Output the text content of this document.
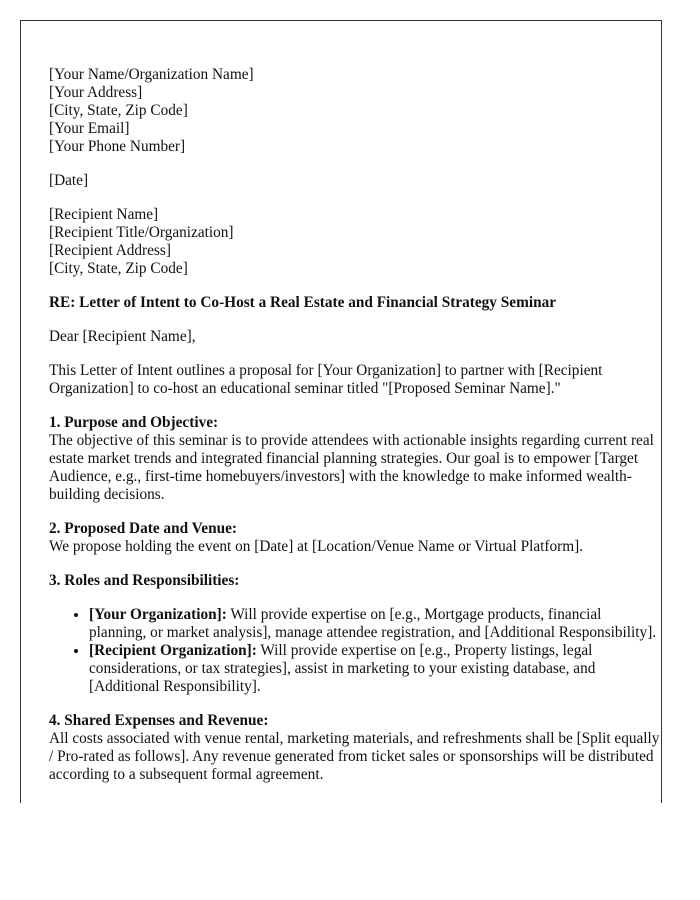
[Your Name/Organization Name]
[Your Address]
[City, State, Zip Code]
[Your Email]
[Your Phone Number]

[Date]

[Recipient Name]
[Recipient Title/Organization]
[Recipient Address]
[City, State, Zip Code]

RE: Letter of Intent to Co-Host a Real Estate and Financial Strategy Seminar

Dear [Recipient Name],

This Letter of Intent outlines a proposal for [Your Organization] to partner with [Recipient Organization] to co-host an educational seminar titled "[Proposed Seminar Name]."

1. Purpose and Objective:

The objective of this seminar is to provide attendees with actionable insights regarding current real estate market trends and integrated financial planning strategies. Our goal is to empower [Target Audience, e.g., first-time homebuyers/investors] with the knowledge to make informed wealth-building decisions.

2. Proposed Date and Venue:

We propose holding the event on [Date] at [Location/Venue Name or Virtual Platform].

3. Roles and Responsibilities:
• [Your Organization]: Will provide expertise on [e.g., Mortgage products, financial planning, or market analysis], manage attendee registration, and [Additional Responsibility].
• [Recipient Organization]: Will provide expertise on [e.g., Property listings, legal considerations, or tax strategies], assist in marketing to your existing database, and [Additional Responsibility].
4. Shared Expenses and Revenue:

All costs associated with venue rental, marketing materials, and refreshments shall be [Split equally / Pro-rated as follows]. Any revenue generated from ticket sales or sponsorships will be distributed according to a subsequent formal agreement.
